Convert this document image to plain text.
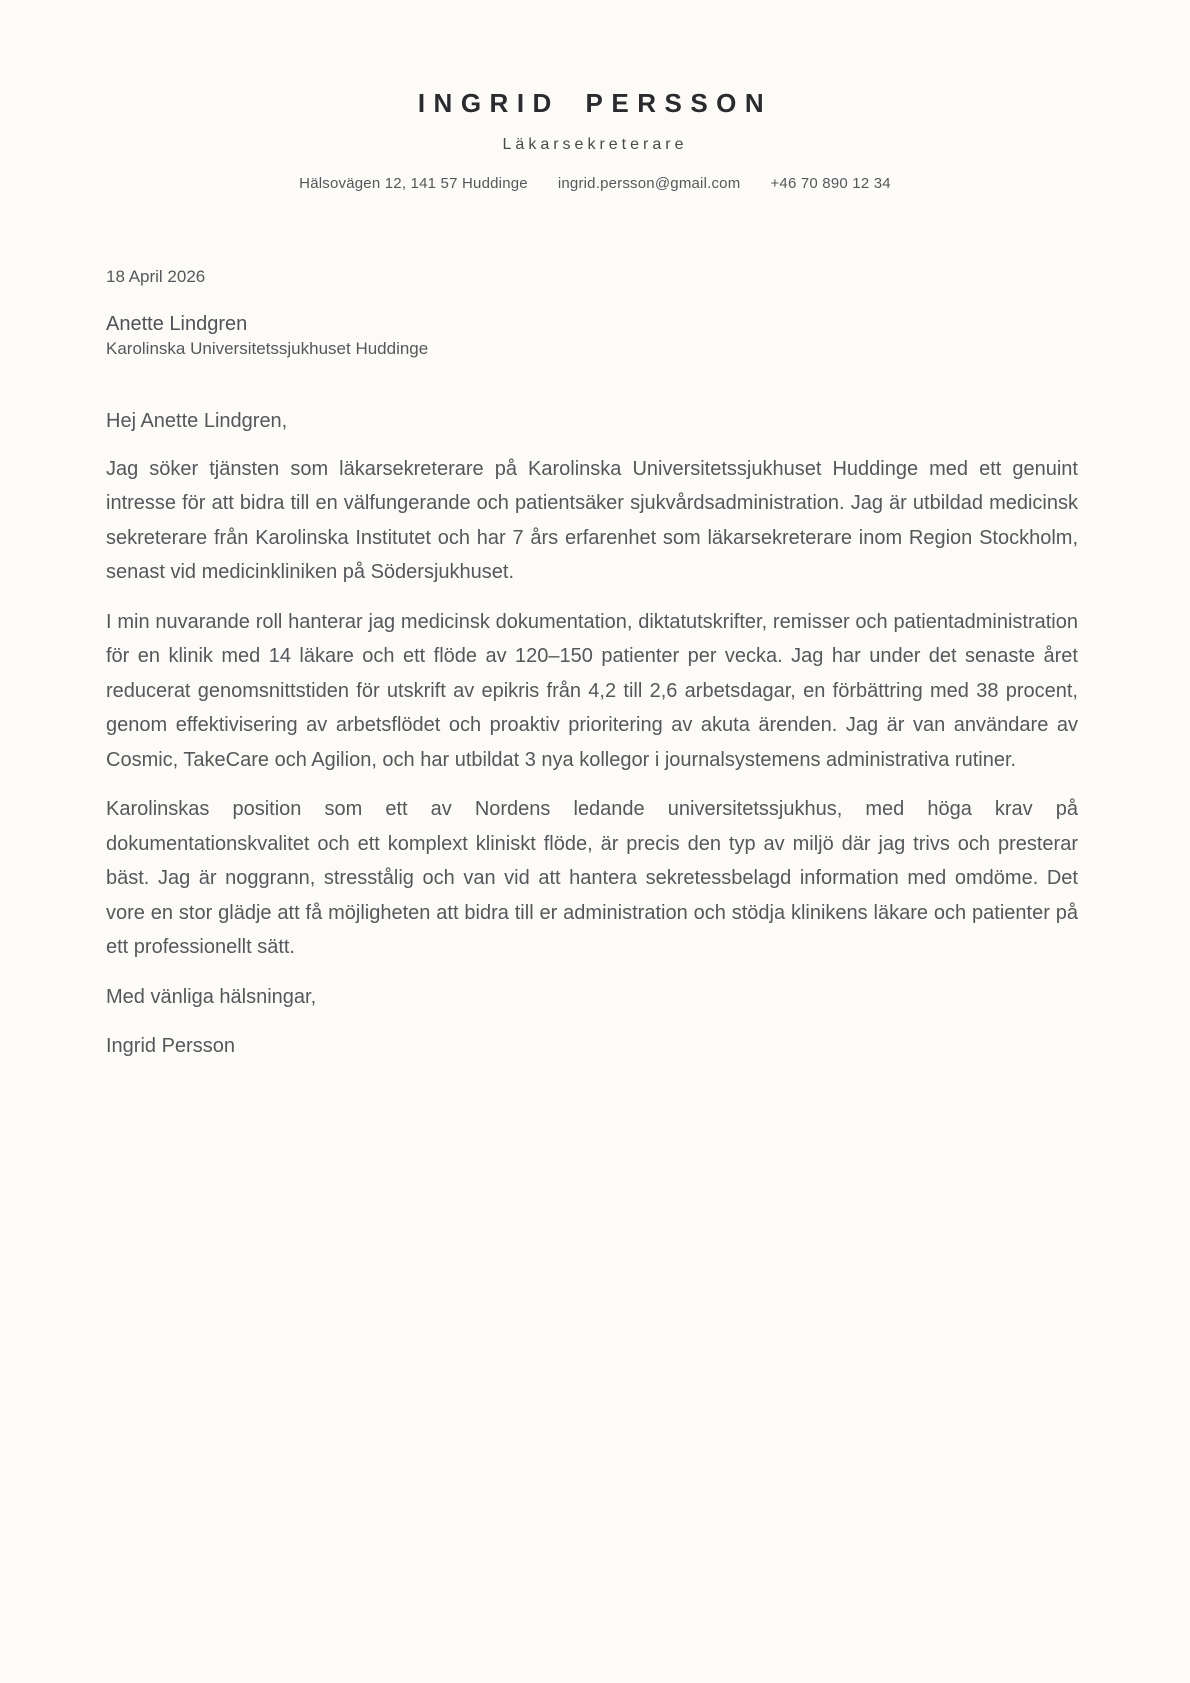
INGRID PERSSON
Läkarsekreterare
Hälsovägen 12, 141 57 Huddinge ingrid.persson@gmail.com +46 70 890 12 34
18 April 2026
Anette Lindgren
Karolinska Universitetssjukhuset Huddinge

Hej Anette Lindgren,

Jag söker tjänsten som läkarsekreterare på Karolinska Universitetssjukhuset Huddinge med ett genuint intresse för att bidra till en välfungerande och patientsäker sjukvårdsadministration. Jag är utbildad medicinsk sekreterare från Karolinska Institutet och har 7 års erfarenhet som läkarsekreterare inom Region Stockholm, senast vid medicinkliniken på Södersjukhuset.

I min nuvarande roll hanterar jag medicinsk dokumentation, diktatutskrifter, remisser och patientadministration för en klinik med 14 läkare och ett flöde av 120–150 patienter per vecka. Jag har under det senaste året reducerat genomsnittstiden för utskrift av epikris från 4,2 till 2,6 arbetsdagar, en förbättring med 38 procent, genom effektivisering av arbetsflödet och proaktiv prioritering av akuta ärenden. Jag är van användare av Cosmic, TakeCare och Agilion, och har utbildat 3 nya kollegor i journalsystemens administrativa rutiner.

Karolinskas position som ett av Nordens ledande universitetssjukhus, med höga krav på dokumentationskvalitet och ett komplext kliniskt flöde, är precis den typ av miljö där jag trivs och presterar bäst. Jag är noggrann, stresstålig och van vid att hantera sekretessbelagd information med omdöme. Det vore en stor glädje att få möjligheten att bidra till er administration och stödja klinikens läkare och patienter på ett professionellt sätt.

Med vänliga hälsningar,

Ingrid Persson
